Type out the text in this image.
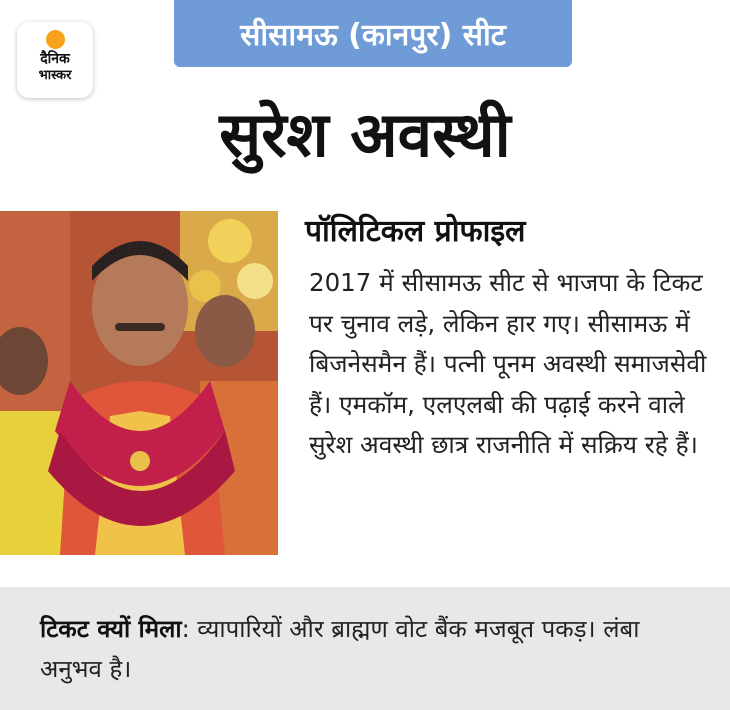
दैनिक
भास्कर
सीसामऊ (कानपुर) सीट
सुरेश अवस्थी
पॉलिटिकल प्रोफाइल
2017 में सीसामऊ सीट से भाजपा के टिकट पर चुनाव लड़े, लेकिन हार गए। सीसामऊ में बिजनेसमैन हैं। पत्नी पूनम अवस्थी समाजसेवी हैं। एमकॉम, एलएलबी की पढ़ाई करने वाले सुरेश अवस्थी छात्र राजनीति में सक्रिय रहे हैं।
टिकट क्यों मिला: व्यापारियों और ब्राह्मण वोट बैंक मजबूत पकड़। लंबा अनुभव है।
